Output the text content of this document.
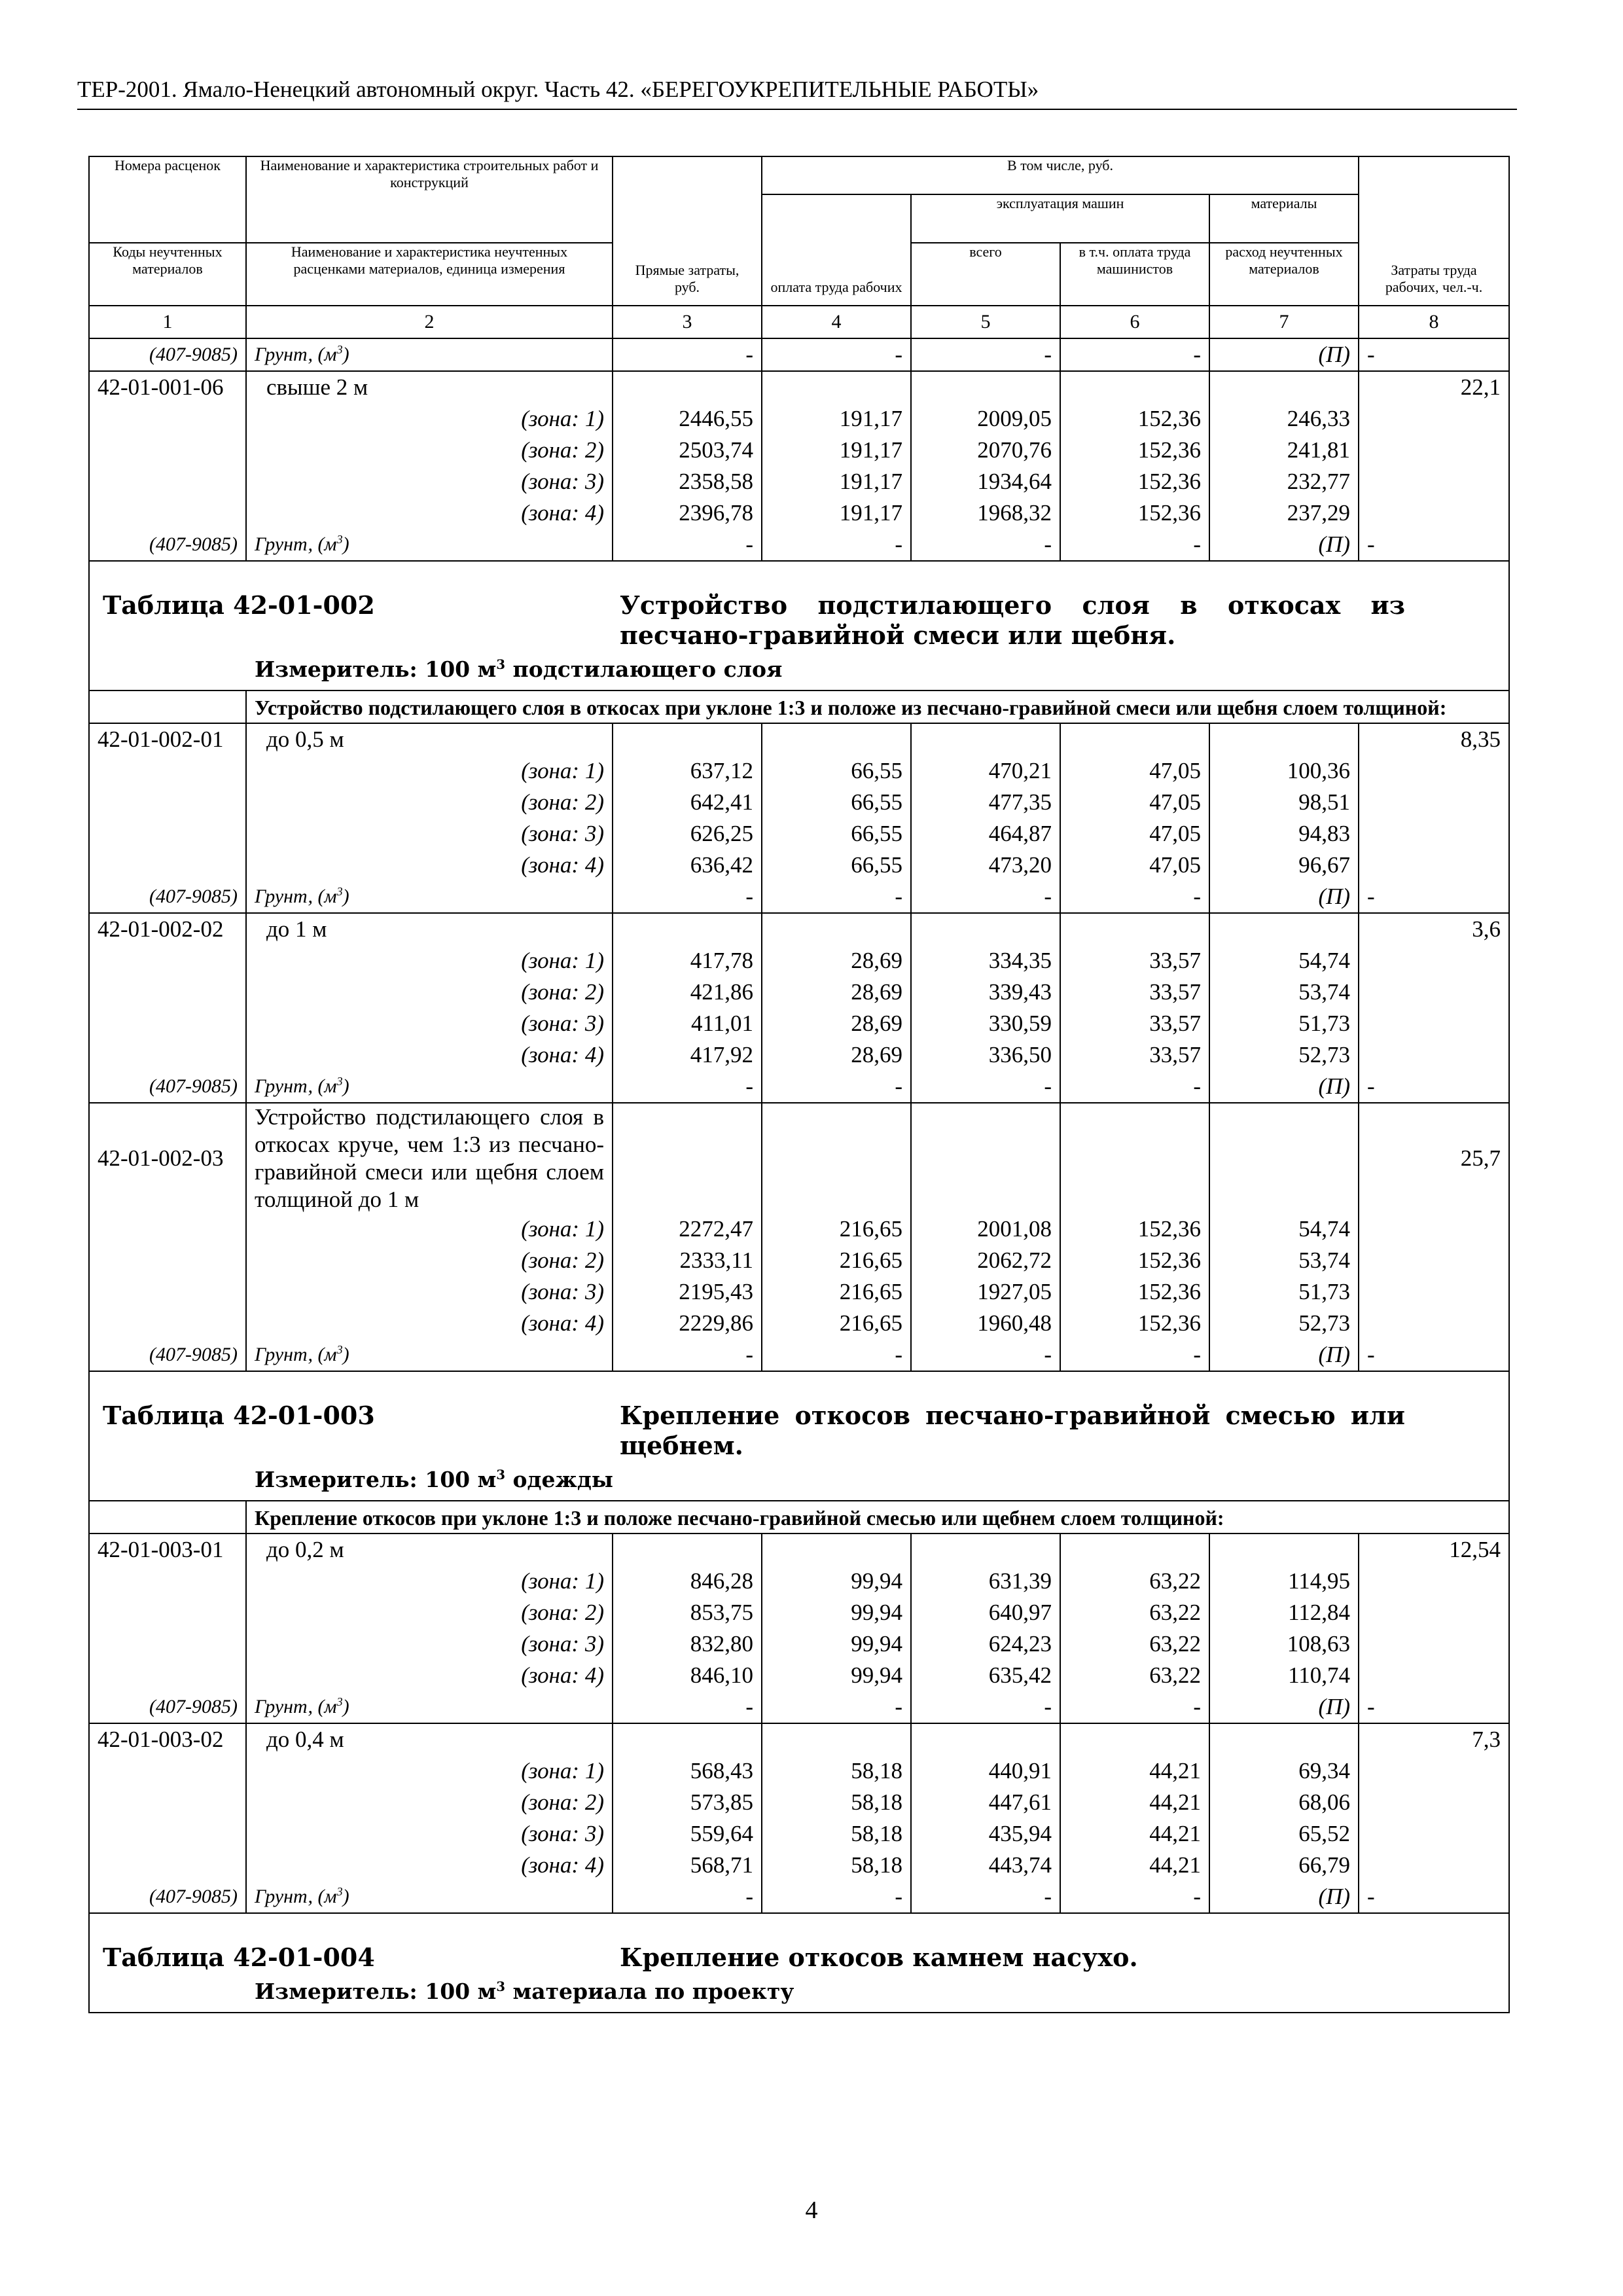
ТЕР-2001. Ямало-Ненецкий автономный округ. Часть 42. «БЕРЕГОУКРЕПИТЕЛЬНЫЕ РАБОТЫ»
Номера расценок	Наименование и характеристика строительных работ и конструкций	Прямые затраты, руб.	В том числе, руб.				Затраты труда рабочих, чел.-ч.
			оплата труда рабочих	эксплуатация машин		материалы	
Коды неучтенных материалов	Наименование и характеристика неучтенных расценками материалов, единица измерения			всего	в т.ч. оплата труда машинистов	расход неучтенных материалов	
1	2	3	4	5	6	7	8
(407-9085)	Грунт, $(м^3)$	-	-	-	-	(П)	-
42-01-001-06	свыше 2 м						22,1
	(зона: 1)	2446,55	191,17	2009,05	152,36	246,33	
	(зона: 2)	2503,74	191,17	2070,76	152,36	241,81	
	(зона: 3)	2358,58	191,17	1934,64	152,36	232,77	
	(зона: 4)	2396,78	191,17	1968,32	152,36	237,29	
(407-9085)	Грунт, $(м^3)$	-	-	-	-	(П)	-

Таблица 42-01-002 Устройство подстилающего слоя в откосах из песчано-гравийной смеси или щебня.
Измеритель: 100 $м^3$ подстилающего слоя							

	Устройство подстилающего слоя в откосах при уклоне 1:3 и положе из песчано-гравийной смеси или щебня слоем толщиной:						
42-01-002-01	до 0,5 м						8,35
	(зона: 1)	637,12	66,55	470,21	47,05	100,36	
	(зона: 2)	642,41	66,55	477,35	47,05	98,51	
	(зона: 3)	626,25	66,55	464,87	47,05	94,83	
	(зона: 4)	636,42	66,55	473,20	47,05	96,67	
(407-9085)	Грунт, $(м^3)$	-	-	-	-	(П)	-
42-01-002-02	до 1 м						3,6
	(зона: 1)	417,78	28,69	334,35	33,57	54,74	
	(зона: 2)	421,86	28,69	339,43	33,57	53,74	
	(зона: 3)	411,01	28,69	330,59	33,57	51,73	
	(зона: 4)	417,92	28,69	336,50	33,57	52,73	
(407-9085)	Грунт, $(м^3)$	-	-	-	-	(П)	-
42-01-002-03	Устройство подстилающего слоя в откосах круче, чем 1:3 из песчано-гравийной смеси или щебня слоем толщиной до 1 м						25,7
	(зона: 1)	2272,47	216,65	2001,08	152,36	54,74	
	(зона: 2)	2333,11	216,65	2062,72	152,36	53,74	
	(зона: 3)	2195,43	216,65	1927,05	152,36	51,73	
	(зона: 4)	2229,86	216,65	1960,48	152,36	52,73	
(407-9085)	Грунт, $(м^3)$	-	-	-	-	(П)	-

Таблица 42-01-003 Крепление откосов песчано-гравийной смесью или щебнем.
Измеритель: 100 $м^3$ одежды							

	Крепление откосов при уклоне 1:3 и положе песчано-гравийной смесью или щебнем слоем толщиной:						
42-01-003-01	до 0,2 м						12,54
	(зона: 1)	846,28	99,94	631,39	63,22	114,95	
	(зона: 2)	853,75	99,94	640,97	63,22	112,84	
	(зона: 3)	832,80	99,94	624,23	63,22	108,63	
	(зона: 4)	846,10	99,94	635,42	63,22	110,74	
(407-9085)	Грунт, $(м^3)$	-	-	-	-	(П)	-
42-01-003-02	до 0,4 м						7,3
	(зона: 1)	568,43	58,18	440,91	44,21	69,34	
	(зона: 2)	573,85	58,18	447,61	44,21	68,06	
	(зона: 3)	559,64	58,18	435,94	44,21	65,52	
	(зона: 4)	568,71	58,18	443,74	44,21	66,79	
(407-9085)	Грунт, $(м^3)$	-	-	-	-	(П)	-

Таблица 42-01-004 Крепление откосов камнем насухо.
Измеритель: 100 $м^3$ материала по проекту							
4
